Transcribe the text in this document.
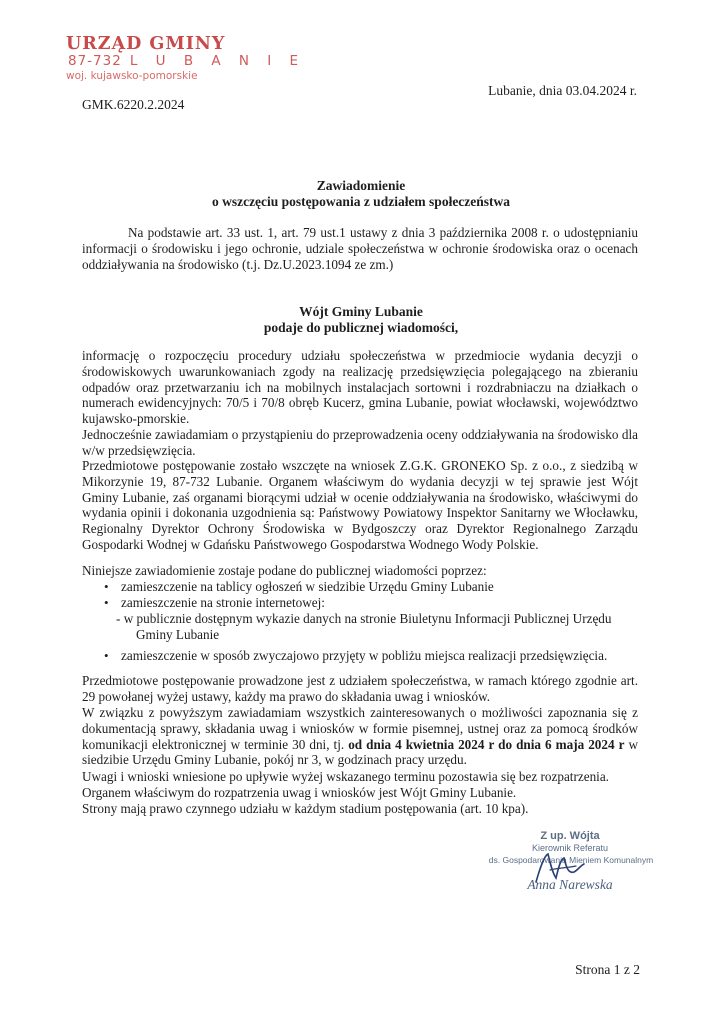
URZĄD GMINY
87-732 L U B A N I E
woj. kujawsko-pomorskie
Lubanie, dnia 03.04.2024 r.
GMK.6220.2.2024
Zawiadomienie
o wszczęciu postępowania z udziałem społeczeństwa
Na podstawie art. 33 ust. 1, art. 79 ust.1 ustawy z dnia 3 października 2008 r. o udostępnianiu informacji o środowisku i jego ochronie, udziale społeczeństwa w ochronie środowiska oraz o ocenach oddziaływania na środowisko (t.j. Dz.U.2023.1094 ze zm.)
Wójt Gminy Lubanie
podaje do publicznej wiadomości,
informację o rozpoczęciu procedury udziału społeczeństwa w przedmiocie wydania decyzji o środowiskowych uwarunkowaniach zgody na realizację przedsięwzięcia polegającego na zbieraniu odpadów oraz przetwarzaniu ich na mobilnych instalacjach sortowni i rozdrabniaczu na działkach o numerach ewidencyjnych: 70/5 i 70/8 obręb Kucerz, gmina Lubanie, powiat włocławski, województwo kujawsko-pmorskie.
Jednocześnie zawiadamiam o przystąpieniu do przeprowadzenia oceny oddziaływania na środowisko dla w/w przedsięwzięcia.
Przedmiotowe postępowanie zostało wszczęte na wniosek Z.G.K. GRONEKO Sp. z o.o., z siedzibą w Mikorzynie 19, 87-732 Lubanie. Organem właściwym do wydania decyzji w tej sprawie jest Wójt Gminy Lubanie, zaś organami biorącymi udział w ocenie oddziaływania na środowisko, właściwymi do wydania opinii i dokonania uzgodnienia są: Państwowy Powiatowy Inspektor Sanitarny we Włocławku, Regionalny Dyrektor Ochrony Środowiska w Bydgoszczy oraz Dyrektor Regionalnego Zarządu Gospodarki Wodnej w Gdańsku Państwowego Gospodarstwa Wodnego Wody Polskie.
Niniejsze zawiadomienie zostaje podane do publicznej wiadomości poprzez:
• zamieszczenie na tablicy ogłoszeń w siedzibie Urzędu Gminy Lubanie
• zamieszczenie na stronie internetowej:
- w publicznie dostępnym wykazie danych na stronie Biuletynu Informacji Publicznej Urzędu
Gminy Lubanie
• zamieszczenie w sposób zwyczajowo przyjęty w pobliżu miejsca realizacji przedsięwzięcia.
Przedmiotowe postępowanie prowadzone jest z udziałem społeczeństwa, w ramach którego zgodnie art. 29 powołanej wyżej ustawy, każdy ma prawo do składania uwag i wniosków.
W związku z powyższym zawiadamiam wszystkich zainteresowanych o możliwości zapoznania się z dokumentacją sprawy, składania uwag i wniosków w formie pisemnej, ustnej oraz za pomocą środków komunikacji elektronicznej w terminie 30 dni, tj. od dnia 4 kwietnia 2024 r do dnia 6 maja 2024 r w siedzibie Urzędu Gminy Lubanie, pokój nr 3, w godzinach pracy urzędu.
Uwagi i wnioski wniesione po upływie wyżej wskazanego terminu pozostawia się bez rozpatrzenia.
Organem właściwym do rozpatrzenia uwag i wniosków jest Wójt Gminy Lubanie.
Strony mają prawo czynnego udziału w każdym stadium postępowania (art. 10 kpa).
Z up. Wójta
Kierownik Referatu
ds. Gospodarowania Mieniem Komunalnym
Anna Narewska
Strona 1 z 2
